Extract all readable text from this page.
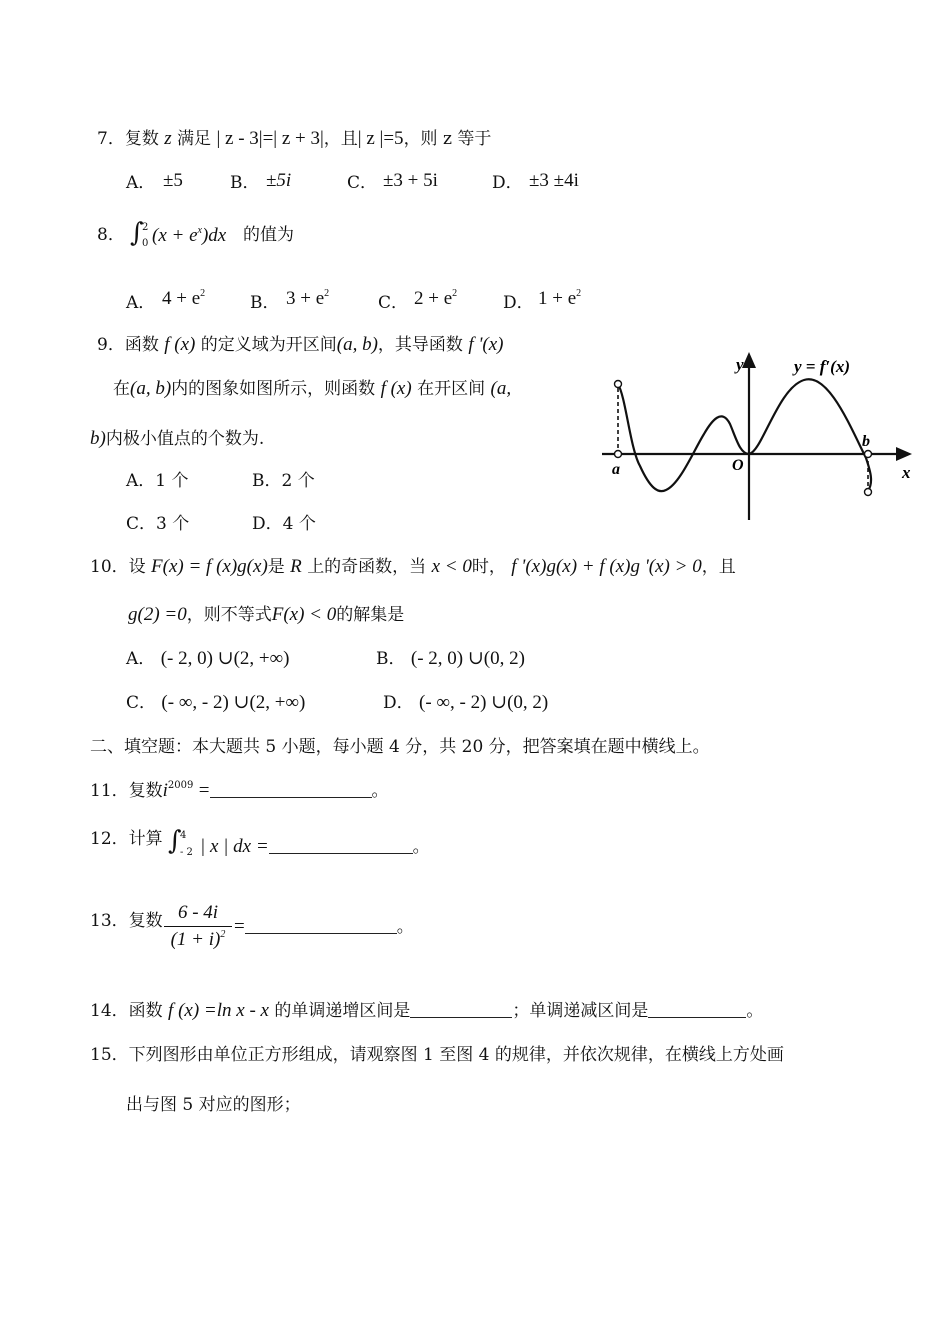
7．复数 z 满足 | z - 3|=| z + 3|，且| z |=5，则 z 等于
A． ±5	B． ±5i	C． ±3 + 5i	D． ±3 ±4i
8． ∫
2
0 $(x + e^x)dx$ 的值为
A． $4 + e^2$	B． $3 + e^2$	C． $2 + e^2$	D． $1 + e^2$
9．函数 f (x) 的定义域为开区间(a, b)，其导函数 f '(x)
在(a, b)内的图象如图所示，则函数 f (x) 在开区间 (a,
b)内极小值点的个数为.
A．1 个	B．2 个
C．3 个	D．4 个
y
x
y = f′(x)
O
a
b
10．设 F(x) = f (x)g(x)是 R 上的奇函数，当 x < 0时， f '(x)g(x) + f (x)g '(x) > 0，且
g(2) =0，则不等式F(x) < 0的解集是
A． (- 2, 0) ∪(2, +∞)	B． (- 2, 0) ∪(0, 2)
C． (- ∞, - 2) ∪(2, +∞)	D． (- ∞, - 2) ∪(0, 2)
二、填空题：本大题共 5 小题，每小题 4 分，共 20 分，把答案填在题中横线上。
11．复数$i^{2009}$ =	。
12．计算 ∫
4
- 2 | x | dx =	。
13．复数 $\frac{6 - 4i}{(1 + i)^2}$ =	。
14．函数 f (x) =ln x - x 的单调递增区间是	；单调递减区间是	。
15．下列图形由单位正方形组成，请观察图 1 至图 4 的规律，并依次规律，在横线上方处画
出与图 5 对应的图形；
